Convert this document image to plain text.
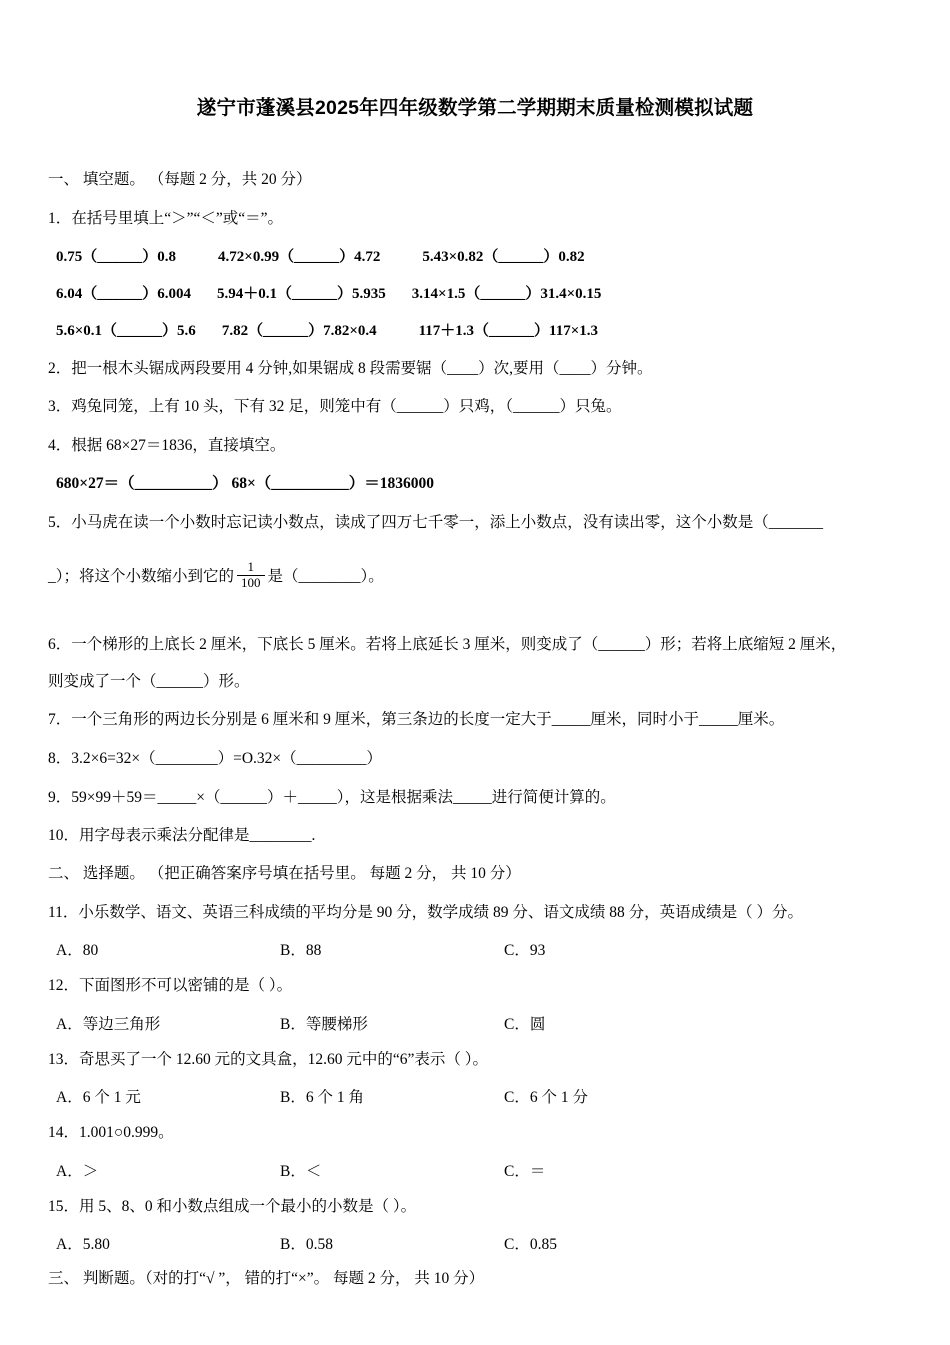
遂宁市蓬溪县2025年四年级数学第二学期期末质量检测模拟试题
一、 填空题。 （每题 2 分，共 20 分）
1．在括号里填上“＞”“＜”或“＝”。
0.75（______）0.8	4.72×0.99（______）4.72	5.43×0.82（______）0.82
6.04（______）6.004 5.94＋0.1（______）5.935 3.14×1.5（______）31.4×0.15
5.6×0.1（______）5.6 7.82（______）7.82×0.4	117＋1.3（______）117×1.3
2．把一根木头锯成两段要用 4 分钟,如果锯成 8 段需要锯（____）次,要用（____）分钟。
3．鸡兔同笼，上有 10 头，下有 32 足，则笼中有（______）只鸡，（______）只兔。
4．根据 68×27＝1836，直接填空。
680×27＝（__________） 68×（__________）＝1836000
5．小马虎在读一个小数时忘记读小数点，读成了四万七千零一，添上小数点，没有读出零，这个小数是（_______
_）；将这个小数缩小到它的 $\frac{1}{100}$ 是（________）。
6．一个梯形的上底长 2 厘米，下底长 5 厘米。若将上底延长 3 厘米，则变成了（______）形；若将上底缩短 2 厘米，
则变成了一个（______）形。
7．一个三角形的两边长分别是 6 厘米和 9 厘米，第三条边的长度一定大于_____厘米，同时小于_____厘米。
8．3.2×6=32×（________）=O.32×（_________）
9．59×99＋59＝_____×（______）＋_____），这是根据乘法_____进行简便计算的。
10．用字母表示乘法分配律是________.
二、 选择题。 （把正确答案序号填在括号里。 每题 2 分， 共 10 分）
11．小乐数学、语文、英语三科成绩的平均分是 90 分，数学成绩 89 分、语文成绩 88 分，英语成绩是（ ）分。
A．80	B．88	C．93
12．下面图形不可以密铺的是（ ）。
A．等边三角形	B．等腰梯形	C．圆
13．奇思买了一个 12.60 元的文具盒，12.60 元中的“6”表示（ ）。
A．6 个 1 元	B．6 个 1 角	C．6 个 1 分
14．1.001○0.999。
A．＞	B．＜	C．＝
15．用 5、8、0 和小数点组成一个最小的小数是（ ）。
A．5.80	B．0.58	C．0.85
三、 判断题。（对的打“√ ”， 错的打“×”。 每题 2 分， 共 10 分）
